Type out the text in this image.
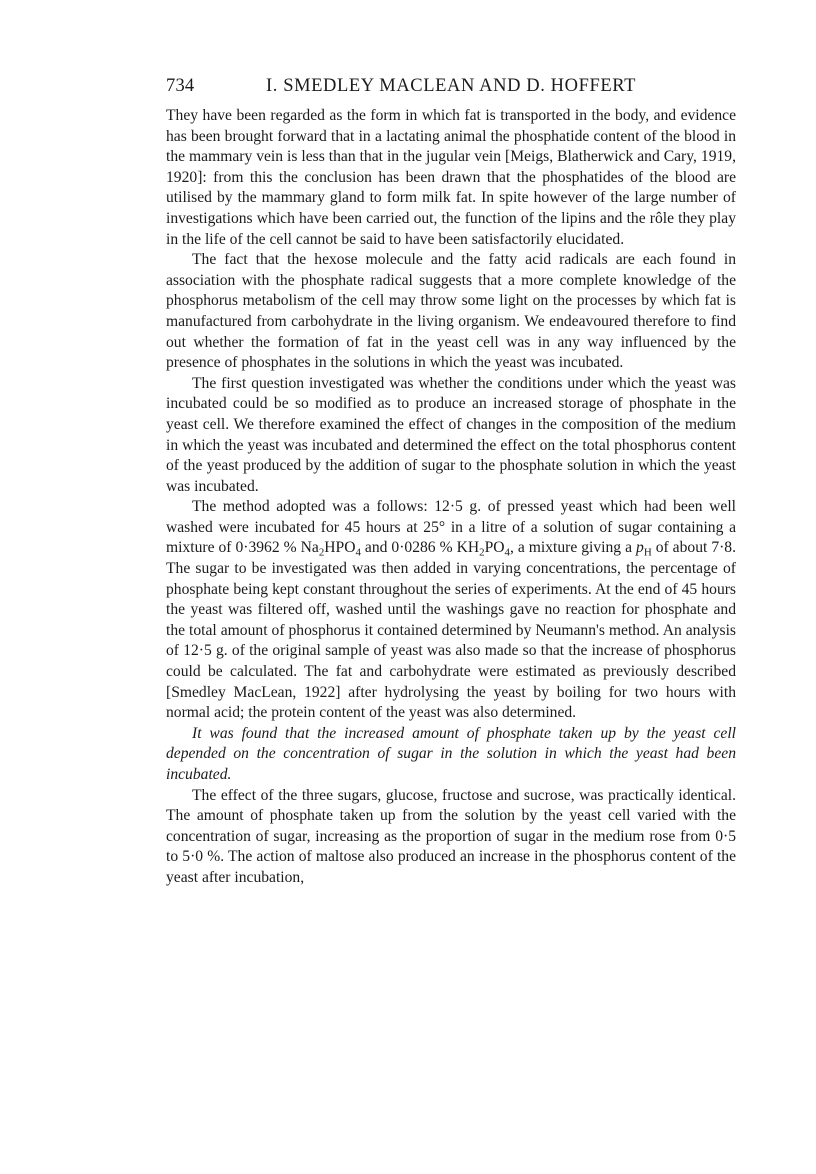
734	I. SMEDLEY MACLEAN AND D. HOFFERT

They have been regarded as the form in which fat is transported in the body, and evidence has been brought forward that in a lactating animal the phosphatide content of the blood in the mammary vein is less than that in the jugular vein [Meigs, Blatherwick and Cary, 1919, 1920]: from this the conclusion has been drawn that the phosphatides of the blood are utilised by the mammary gland to form milk fat. In spite however of the large number of investigations which have been carried out, the function of the lipins and the rôle they play in the life of the cell cannot be said to have been satisfactorily elucidated.

The fact that the hexose molecule and the fatty acid radicals are each found in association with the phosphate radical suggests that a more complete knowledge of the phosphorus metabolism of the cell may throw some light on the processes by which fat is manufactured from carbohydrate in the living organism. We endeavoured therefore to find out whether the formation of fat in the yeast cell was in any way influenced by the presence of phosphates in the solutions in which the yeast was incubated.

The first question investigated was whether the conditions under which the yeast was incubated could be so modified as to produce an increased storage of phosphate in the yeast cell. We therefore examined the effect of changes in the composition of the medium in which the yeast was incubated and determined the effect on the total phosphorus content of the yeast produced by the addition of sugar to the phosphate solution in which the yeast was incubated.

The method adopted was a follows: 12·5 g. of pressed yeast which had been well washed were incubated for 45 hours at 25° in a litre of a solution of sugar containing a mixture of 0·3962 % $Na_2HPO_4$ and 0·0286 % $KH_2PO_4$, a mixture giving a $p_H$ of about 7·8. The sugar to be investigated was then added in varying concentrations, the percentage of phosphate being kept constant throughout the series of experiments. At the end of 45 hours the yeast was filtered off, washed until the washings gave no reaction for phosphate and the total amount of phosphorus it contained determined by Neumann's method. An analysis of 12·5 g. of the original sample of yeast was also made so that the increase of phosphorus could be calculated. The fat and carbohydrate were estimated as previously described [Smedley MacLean, 1922] after hydrolysing the yeast by boiling for two hours with normal acid; the protein content of the yeast was also determined.

It was found that the increased amount of phosphate taken up by the yeast cell depended on the concentration of sugar in the solution in which the yeast had been incubated.

The effect of the three sugars, glucose, fructose and sucrose, was practically identical. The amount of phosphate taken up from the solution by the yeast cell varied with the concentration of sugar, increasing as the proportion of sugar in the medium rose from 0·5 to 5·0 %. The action of maltose also produced an increase in the phosphorus content of the yeast after incubation,
